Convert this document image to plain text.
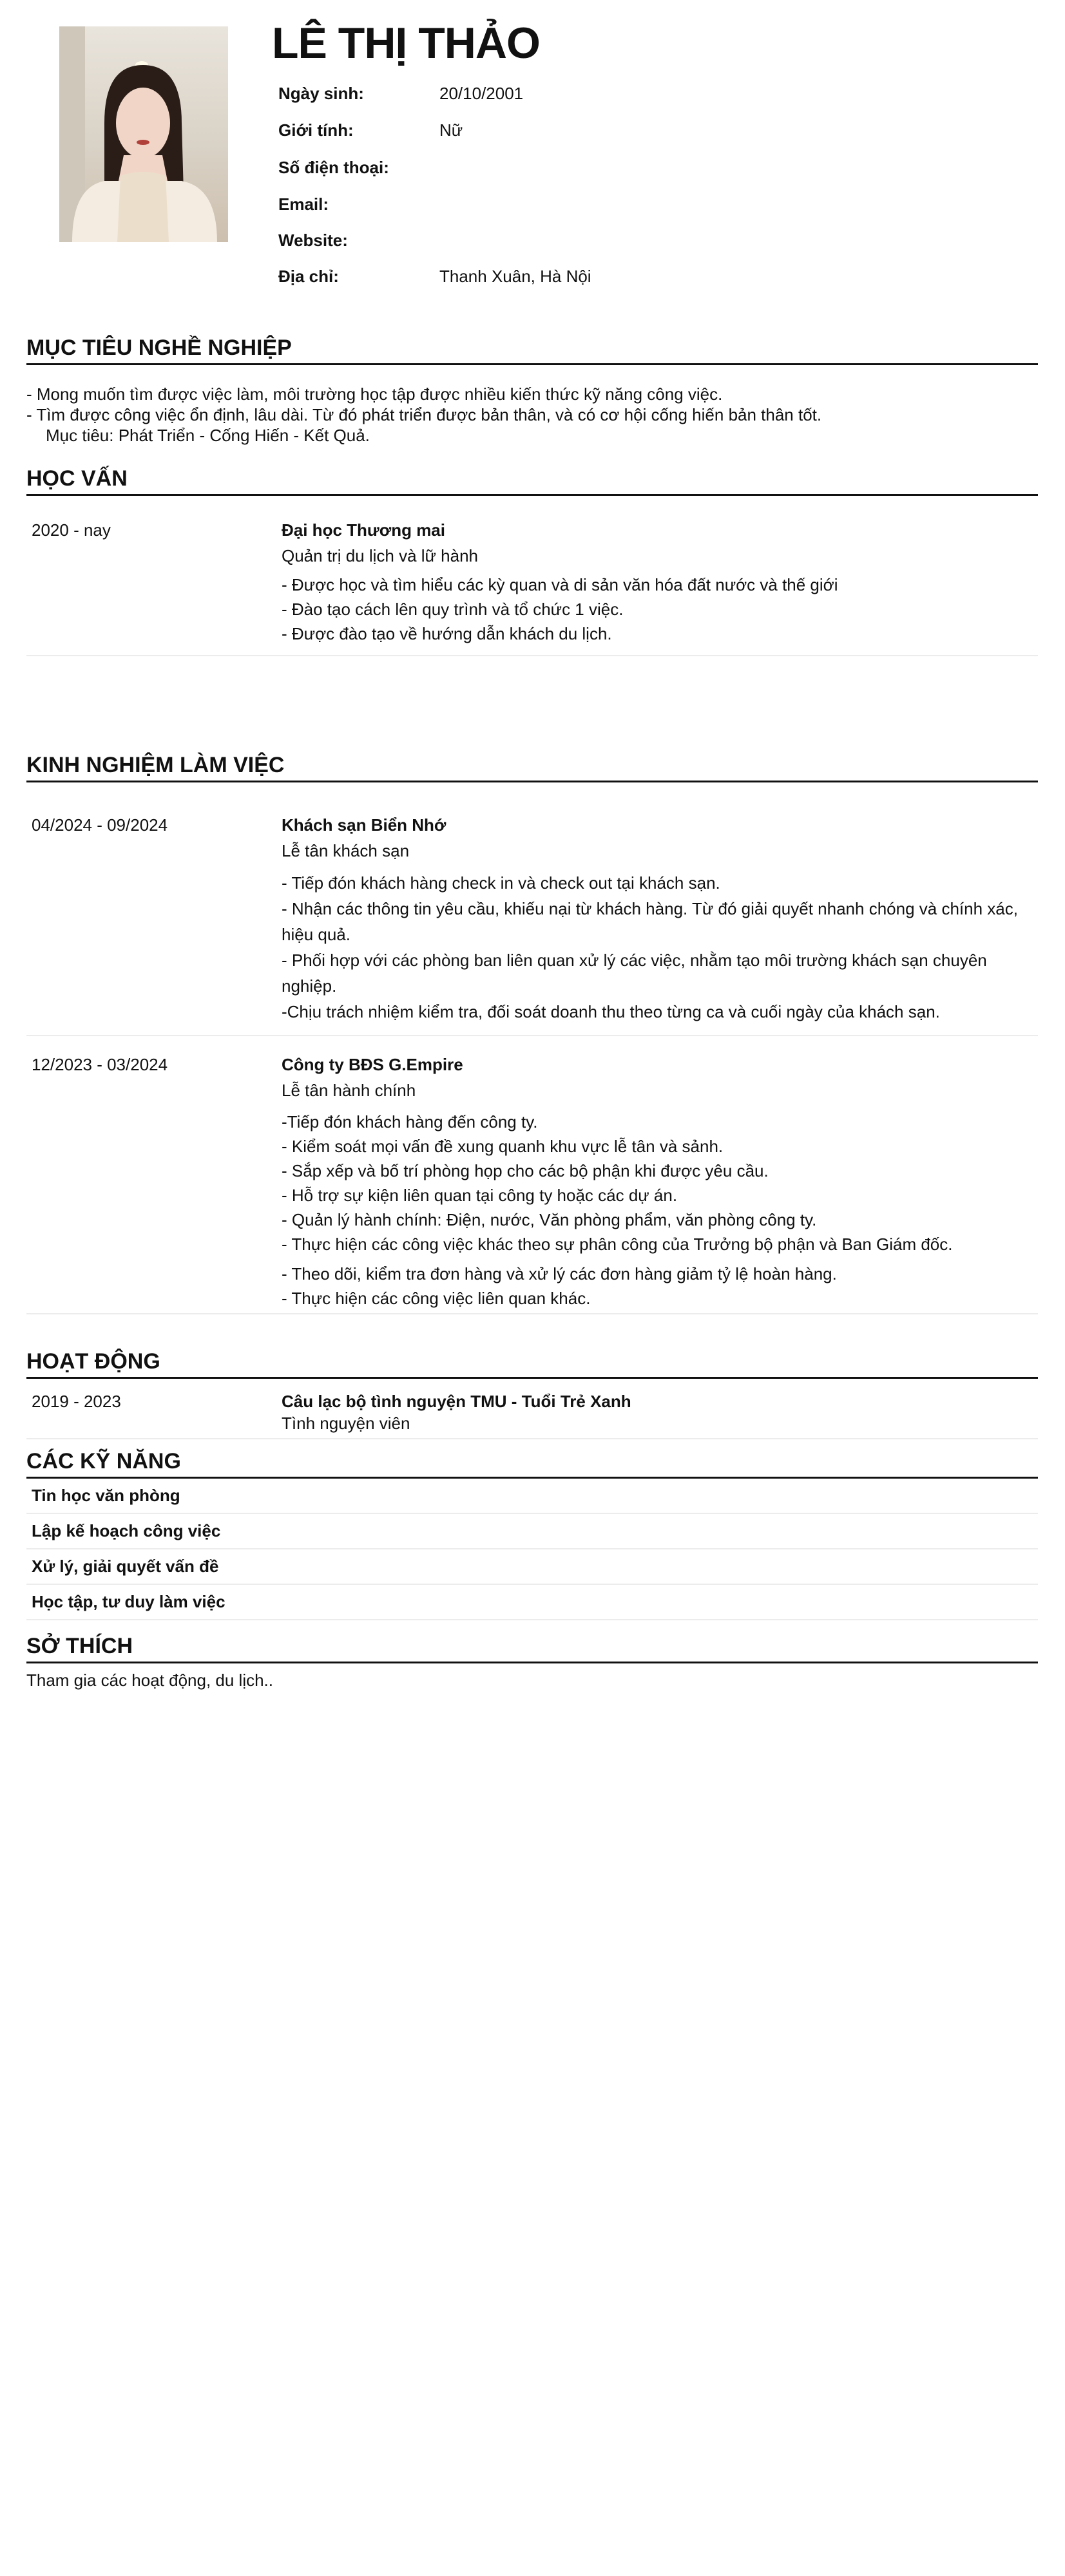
LÊ THỊ THẢO
Ngày sinh:	20/10/2001
Giới tính:	Nữ
Số điện thoại:
Email:
Website:
Địa chỉ:	Thanh Xuân, Hà Nội
MỤC TIÊU NGHỀ NGHIỆP
- Mong muốn tìm được việc làm, môi trường học tập được nhiều kiến thức kỹ năng công việc.
- Tìm được công việc ổn định, lâu dài. Từ đó phát triển được bản thân, và có cơ hội cống hiến bản thân tốt.
Mục tiêu: Phát Triển - Cống Hiến - Kết Quả.
HỌC VẤN
2020 - nay	Đại học Thương mai
Quản trị du lịch và lữ hành
- Được học và tìm hiểu các kỳ quan và di sản văn hóa đất nước và thế giới
- Đào tạo cách lên quy trình và tổ chức 1 việc.
- Được đào tạo về hướng dẫn khách du lịch.
KINH NGHIỆM LÀM VIỆC
04/2024 - 09/2024	Khách sạn Biển Nhớ
Lễ tân khách sạn
- Tiếp đón khách hàng check in và check out tại khách sạn.
- Nhận các thông tin yêu cầu, khiếu nại từ khách hàng. Từ đó giải quyết nhanh chóng và chính xác, hiệu quả.
- Phối hợp với các phòng ban liên quan xử lý các việc, nhằm tạo môi trường khách sạn chuyên nghiệp.
-Chịu trách nhiệm kiểm tra, đối soát doanh thu theo từng ca và cuối ngày của khách sạn.
12/2023 - 03/2024	Công ty BĐS G.Empire
Lễ tân hành chính
-Tiếp đón khách hàng đến công ty.
- Kiểm soát mọi vấn đề xung quanh khu vực lễ tân và sảnh.
- Sắp xếp và bố trí phòng họp cho các bộ phận khi được yêu cầu.
- Hỗ trợ sự kiện liên quan tại công ty hoặc các dự án.
- Quản lý hành chính: Điện, nước, Văn phòng phẩm, văn phòng công ty.
- Thực hiện các công việc khác theo sự phân công của Trưởng bộ phận và Ban Giám đốc.
- Theo dõi, kiểm tra đơn hàng và xử lý các đơn hàng giảm tỷ lệ hoàn hàng.
- Thực hiện các công việc liên quan khác.
HOẠT ĐỘNG
2019 - 2023	Câu lạc bộ tình nguyện TMU - Tuổi Trẻ Xanh
Tình nguyện viên
CÁC KỸ NĂNG
Tin học văn phòng
Lập kế hoạch công việc
Xử lý, giải quyết vấn đề
Học tập, tư duy làm việc
SỞ THÍCH
Tham gia các hoạt động, du lịch..
